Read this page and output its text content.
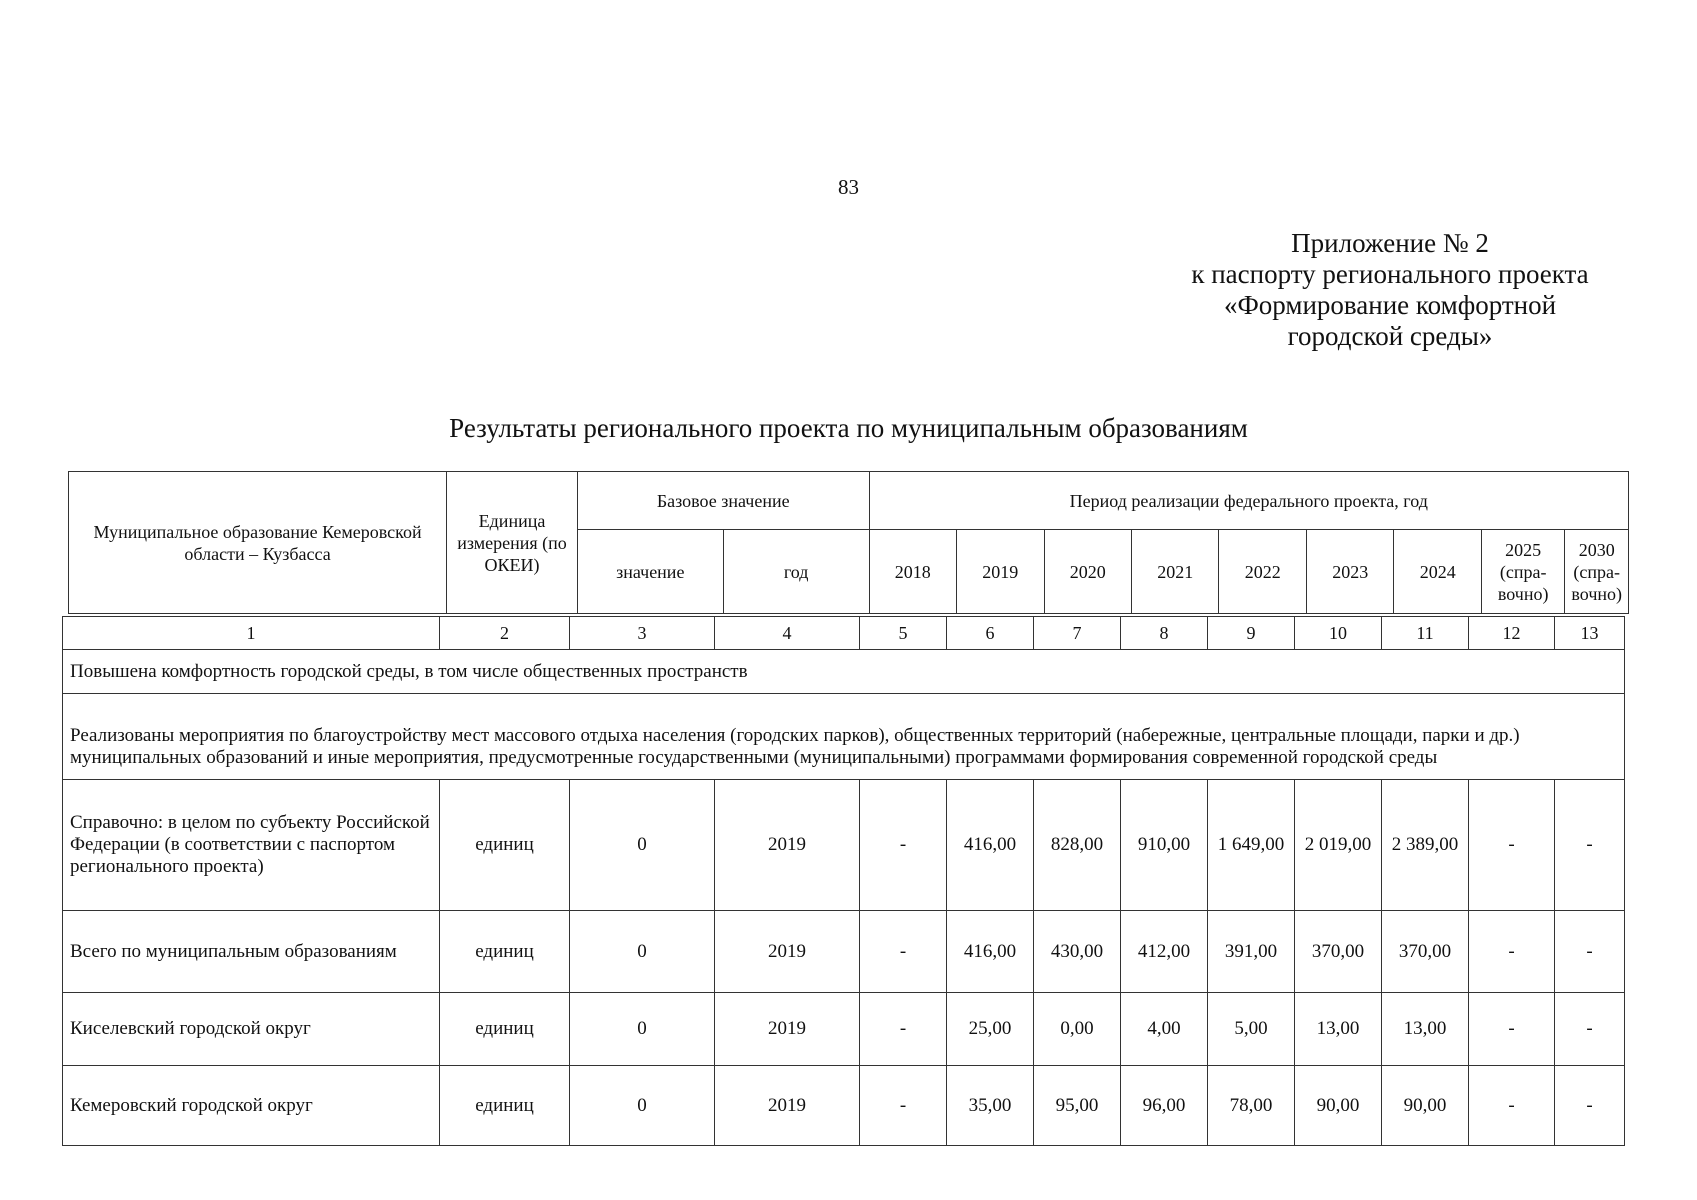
83
Приложение № 2
к паспорту регионального проекта
«Формирование комфортной
городской среды»
Результаты регионального проекта по муниципальным образованиям
Муниципальное образование Кемеровской области – Кузбасса	Единица измерения (по ОКЕИ)	Базовое значение		Период реализации федерального проекта, год								
		значение	год	2018	2019	2020	2021	2022	2023	2024	2025 (спра-вочно)	2030 (спра-вочно)
1	2	3	4	5	6	7	8	9	10	11	12	13
Повышена комфортность городской среды, в том числе общественных пространств												
Реализованы мероприятия по благоустройству мест массового отдыха населения (городских парков), общественных территорий (набережные, центральные площади, парки и др.) муниципальных образований и иные мероприятия, предусмотренные государственными (муниципальными) программами формирования современной городской среды												
Справочно: в целом по субъекту Российской Федерации (в соответствии с паспортом регионального проекта)	единиц	0	2019	-	416,00	828,00	910,00	1 649,00	2 019,00	2 389,00	-	-
Всего по муниципальным образованиям	единиц	0	2019	-	416,00	430,00	412,00	391,00	370,00	370,00	-	-
Киселевский городской округ	единиц	0	2019	-	25,00	0,00	4,00	5,00	13,00	13,00	-	-
Кемеровский городской округ	единиц	0	2019	-	35,00	95,00	96,00	78,00	90,00	90,00	-	-
